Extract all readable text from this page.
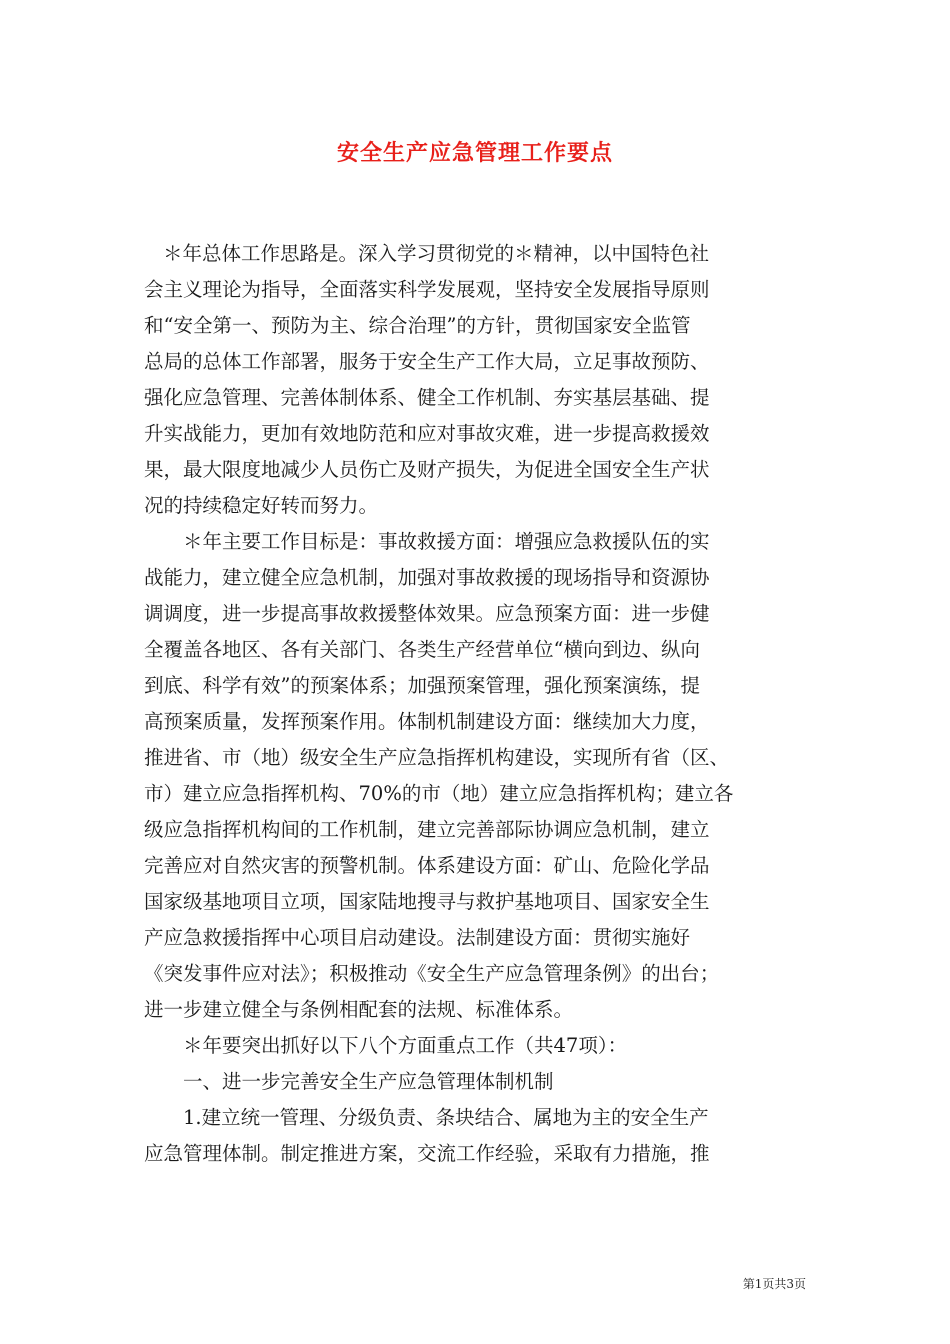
安全生产应急管理工作要点
＊年总体工作思路是。深入学习贯彻党的＊精神，以中国特色社
会主义理论为指导，全面落实科学发展观，坚持安全发展指导原则
和“安全第一、预防为主、综合治理”的方针，贯彻国家安全监管
总局的总体工作部署，服务于安全生产工作大局，立足事故预防、
强化应急管理、完善体制体系、健全工作机制、夯实基层基础、提
升实战能力，更加有效地防范和应对事故灾难，进一步提高救援效
果，最大限度地减少人员伤亡及财产损失，为促进全国安全生产状
况的持续稳定好转而努力。
＊年主要工作目标是：事故救援方面：增强应急救援队伍的实
战能力，建立健全应急机制，加强对事故救援的现场指导和资源协
调调度，进一步提高事故救援整体效果。应急预案方面：进一步健
全覆盖各地区、各有关部门、各类生产经营单位“横向到边、纵向
到底、科学有效”的预案体系；加强预案管理，强化预案演练，提
高预案质量，发挥预案作用。体制机制建设方面：继续加大力度，
推进省、市（地）级安全生产应急指挥机构建设，实现所有省（区、
市）建立应急指挥机构、70%的市（地）建立应急指挥机构；建立各
级应急指挥机构间的工作机制，建立完善部际协调应急机制，建立
完善应对自然灾害的预警机制。体系建设方面：矿山、危险化学品
国家级基地项目立项，国家陆地搜寻与救护基地项目、国家安全生
产应急救援指挥中心项目启动建设。法制建设方面：贯彻实施好
《突发事件应对法》；积极推动《安全生产应急管理条例》的出台；
进一步建立健全与条例相配套的法规、标准体系。
＊年要突出抓好以下八个方面重点工作（共47项）：
一、进一步完善安全生产应急管理体制机制
1.建立统一管理、分级负责、条块结合、属地为主的安全生产
应急管理体制。制定推进方案，交流工作经验，采取有力措施，推
第1页共3页
